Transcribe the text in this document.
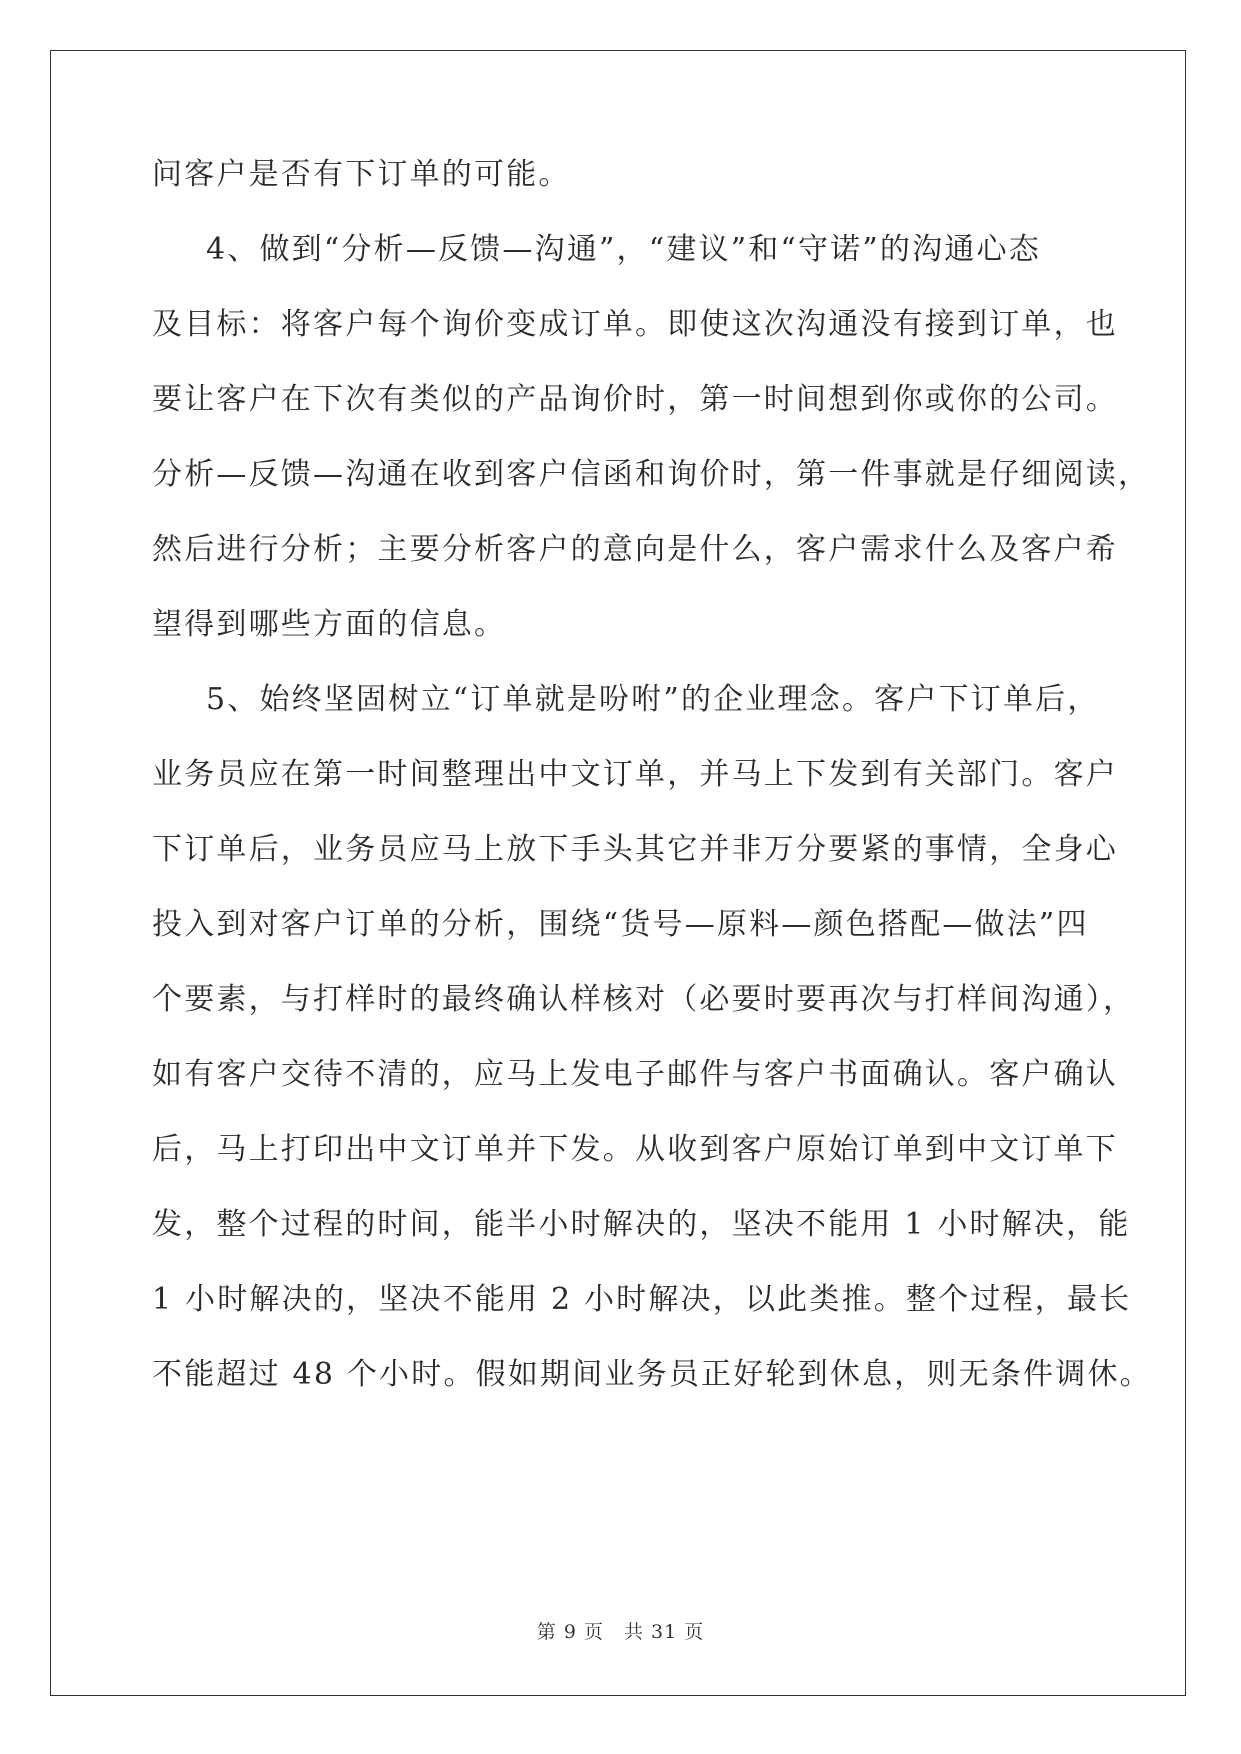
问客户是否有下订单的可能。
4、做到“分析—反馈—沟通”，“建议”和“守诺”的沟通心态
及目标：将客户每个询价变成订单。即使这次沟通没有接到订单，也
要让客户在下次有类似的产品询价时，第一时间想到你或你的公司。
分析—反馈—沟通在收到客户信函和询价时，第一件事就是仔细阅读，
然后进行分析；主要分析客户的意向是什么，客户需求什么及客户希
望得到哪些方面的信息。
5、始终坚固树立“订单就是吩咐”的企业理念。客户下订单后，
业务员应在第一时间整理出中文订单，并马上下发到有关部门。客户
下订单后，业务员应马上放下手头其它并非万分要紧的事情，全身心
投入到对客户订单的分析，围绕“货号—原料—颜色搭配—做法”四
个要素，与打样时的最终确认样核对（必要时要再次与打样间沟通），
如有客户交待不清的，应马上发电子邮件与客户书面确认。客户确认
后，马上打印出中文订单并下发。从收到客户原始订单到中文订单下
发，整个过程的时间，能半小时解决的，坚决不能用 1 小时解决，能
1 小时解决的，坚决不能用 2 小时解决，以此类推。整个过程，最长
不能超过 48 个小时。假如期间业务员正好轮到休息，则无条件调休。
第 9 页　共 31 页
